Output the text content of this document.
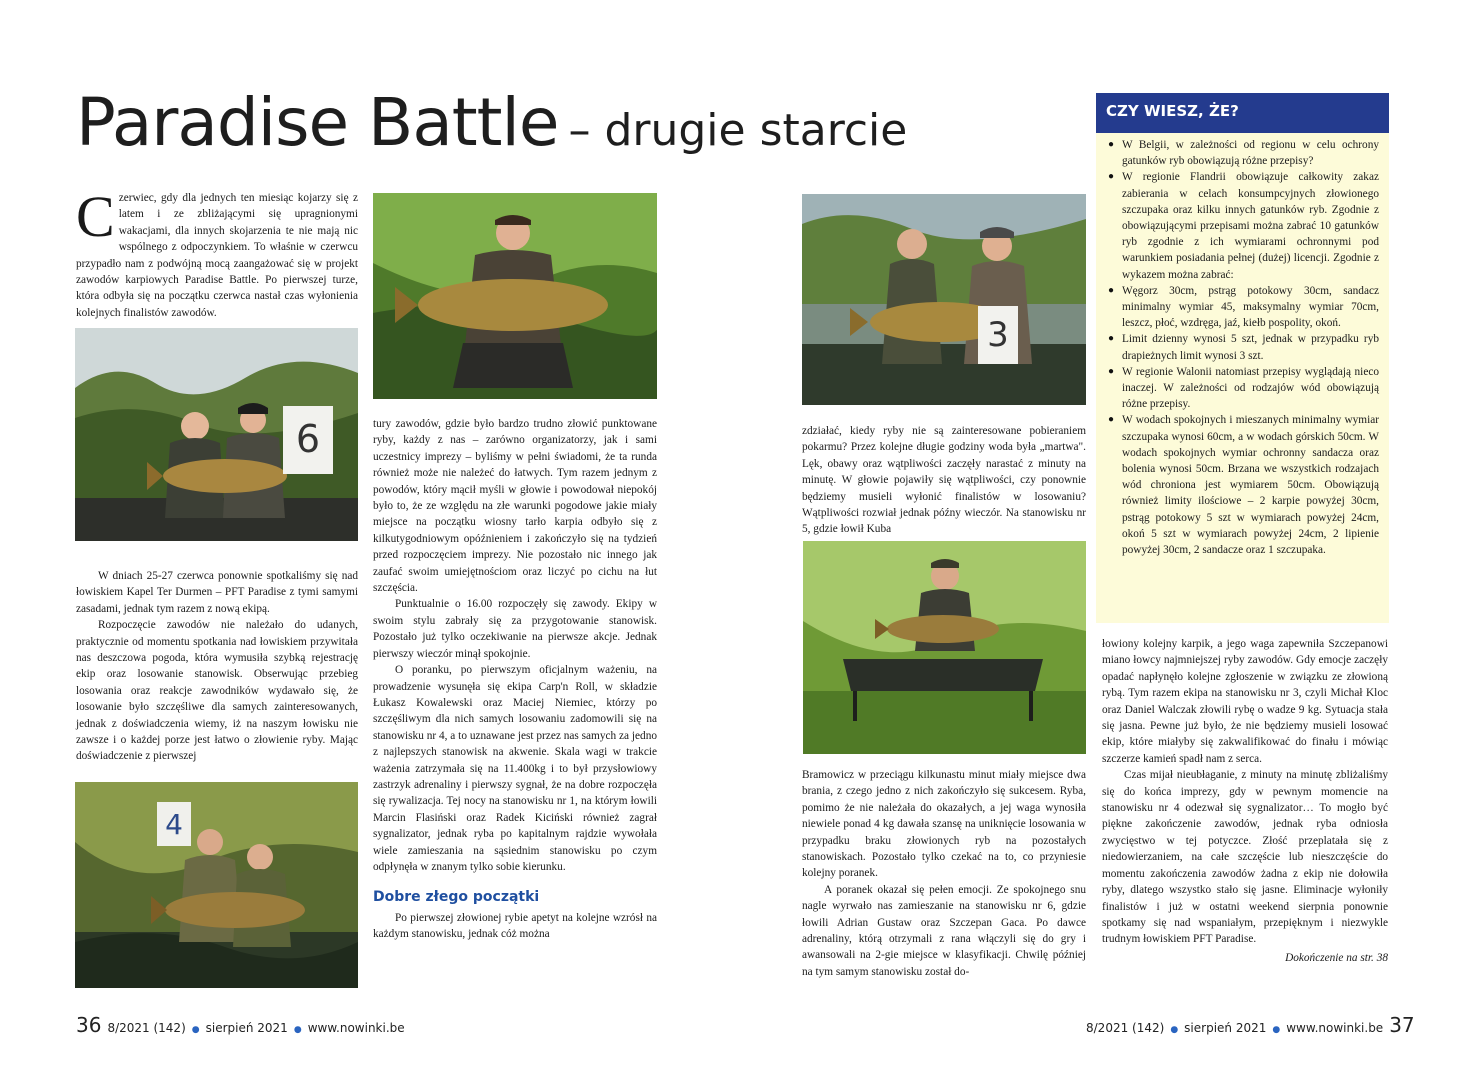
Paradise Battle – drugie starcie

Czerwiec, gdy dla jednych ten miesiąc kojarzy się z latem i ze zbliżającymi się upragnionymi wakacjami, dla innych skojarzenia te nie mają nic wspólnego z odpoczynkiem. To właśnie w czerwcu przypadło nam z podwójną mocą zaangażować się w projekt zawodów karpiowych Paradise Battle. Po pierwszej turze, która odbyła się na początku czerwca nastał czas wyłonienia kolejnych finalistów zawodów.

6

W dniach 25-27 czerwca ponownie spotkaliśmy się nad łowiskiem Kapel Ter Durmen – PFT Paradise z tymi samymi zasadami, jednak tym razem z nową ekipą.

Rozpoczęcie zawodów nie należało do udanych, praktycznie od momentu spotkania nad łowiskiem przywitała nas deszczowa pogoda, która wymusiła szybką rejestrację ekip oraz losowanie stanowisk. Obserwując przebieg losowania oraz reakcje zawodników wydawało się, że losowanie było szczęśliwe dla samych zainteresowanych, jednak z doświadczenia wiemy, iż na naszym łowisku nie zawsze i o każdej porze jest łatwo o złowienie ryby. Mając doświadczenie z pierwszej

4

tury zawodów, gdzie było bardzo trudno złowić punktowane ryby, każdy z nas – zarówno organizatorzy, jak i sami uczestnicy imprezy – byliśmy w pełni świadomi, że ta runda również może nie należeć do łatwych. Tym razem jednym z powodów, który mącił myśli w głowie i powodował niepokój było to, że ze względu na złe warunki pogodowe jakie miały miejsce na początku wiosny tarło karpia odbyło się z kilkutygodniowym opóźnieniem i zakończyło się na tydzień przed rozpoczęciem imprezy. Nie pozostało nic innego jak zaufać swoim umiejętnościom oraz liczyć po cichu na łut szczęścia.

Punktualnie o 16.00 rozpoczęły się zawody. Ekipy w swoim stylu zabrały się za przygotowanie stanowisk. Pozostało już tylko oczekiwanie na pierwsze akcje. Jednak pierwszy wieczór minął spokojnie.

O poranku, po pierwszym oficjalnym ważeniu, na prowadzenie wysunęła się ekipa Carp'n Roll, w składzie Łukasz Kowalewski oraz Maciej Niemiec, którzy po szczęśliwym dla nich samych losowaniu zadomowili się na stanowisku nr 4, a to uznawane jest przez nas samych za jedno z najlepszych stanowisk na akwenie. Skala wagi w trakcie ważenia zatrzymała się na 11.400kg i to był przysłowiowy zastrzyk adrenaliny i pierwszy sygnał, że na dobre rozpoczęła się rywalizacja. Tej nocy na stanowisku nr 1, na którym łowili Marcin Flasiński oraz Radek Kiciński również zagrał sygnalizator, jednak ryba po kapitalnym rajdzie wywołała wiele zamieszania na sąsiednim stanowisku po czym odpłynęła w znanym tylko sobie kierunku.

Dobre złego początki

Po pierwszej złowionej rybie apetyt na kolejne wzrósł na każdym stanowisku, jednak cóż można

3

zdziałać, kiedy ryby nie są zainteresowane pobieraniem pokarmu? Przez kolejne długie godziny woda była „martwa". Lęk, obawy oraz wątpliwości zaczęły narastać z minuty na minutę. W głowie pojawiły się wątpliwości, czy ponownie będziemy musieli wyłonić finalistów w losowaniu? Wątpliwości rozwiał jednak późny wieczór. Na stanowisku nr 5, gdzie łowił Kuba

Bramowicz w przeciągu kilkunastu minut miały miejsce dwa brania, z czego jedno z nich zakończyło się sukcesem. Ryba, pomimo że nie należała do okazałych, a jej waga wynosiła niewiele ponad 4 kg dawała szansę na uniknięcie losowania w przypadku braku złowionych ryb na pozostałych stanowiskach. Pozostało tylko czekać na to, co przyniesie kolejny poranek.

A poranek okazał się pełen emocji. Ze spokojnego snu nagle wyrwało nas zamieszanie na stanowisku nr 6, gdzie łowili Adrian Gustaw oraz Szczepan Gaca. Po dawce adrenaliny, którą otrzymali z rana włączyli się do gry i awansowali na 2-gie miejsce w klasyfikacji. Chwilę później na tym samym stanowisku został do-

CZY WIESZ, ŻE?
● W Belgii, w zależności od regionu w celu ochrony gatunków ryb obowiązują różne przepisy?
● W regionie Flandrii obowiązuje całkowity zakaz zabierania w celach konsumpcyjnych złowionego szczupaka oraz kilku innych gatunków ryb. Zgodnie z obowiązującymi przepisami można zabrać 10 gatunków ryb zgodnie z ich wymiarami ochronnymi pod warunkiem posiadania pełnej (dużej) licencji. Zgodnie z wykazem można zabrać:
● Węgorz 30cm, pstrąg potokowy 30cm, sandacz minimalny wymiar 45, maksymalny wymiar 70cm, leszcz, płoć, wzdręga, jaź, kiełb pospolity, okoń.
● Limit dzienny wynosi 5 szt, jednak w przypadku ryb drapieżnych limit wynosi 3 szt.
● W regionie Walonii natomiast przepisy wyglądają nieco inaczej. W zależności od rodzajów wód obowiązują różne przepisy.
● W wodach spokojnych i mieszanych minimalny wymiar szczupaka wynosi 60cm, a w wodach górskich 50cm. W wodach spokojnych wymiar ochronny sandacza oraz bolenia wynosi 50cm. Brzana we wszystkich rodzajach wód chroniona jest wymiarem 50cm. Obowiązują również limity ilościowe – 2 karpie powyżej 30cm, pstrąg potokowy 5 szt w wymiarach powyżej 24cm, okoń 5 szt w wymiarach powyżej 24cm, 2 lipienie powyżej 30cm, 2 sandacze oraz 1 szczupaka.

łowiony kolejny karpik, a jego waga zapewniła Szczepanowi miano łowcy najmniejszej ryby zawodów. Gdy emocje zaczęły opadać napłynęło kolejne zgłoszenie w związku ze złowioną rybą. Tym razem ekipa na stanowisku nr 3, czyli Michał Kloc oraz Daniel Walczak złowili rybę o wadze 9 kg. Sytuacja stała się jasna. Pewne już było, że nie będziemy musieli losować ekip, które miałyby się zakwalifikować do finału i mówiąc szczerze kamień spadł nam z serca.

Czas mijał nieubłaganie, z minuty na minutę zbliżaliśmy się do końca imprezy, gdy w pewnym momencie na stanowisku nr 4 odezwał się sygnalizator… To mogło być piękne zakończenie zawodów, jednak ryba odniosła zwycięstwo w tej potyczce. Złość przeplatała się z niedowierzaniem, na całe szczęście lub nieszczęście do momentu zakończenia zawodów żadna z ekip nie dołowiła ryby, dlatego wszystko stało się jasne. Eliminacje wyłoniły finalistów i już w ostatni weekend sierpnia ponownie spotkamy się nad wspaniałym, przepięknym i niezwykle trudnym łowiskiem PFT Paradise.

Dokończenie na str. 38

36 8/2021 (142) ● sierpień 2021 ● www.nowinki.be	8/2021 (142) ● sierpień 2021 ● www.nowinki.be 37
